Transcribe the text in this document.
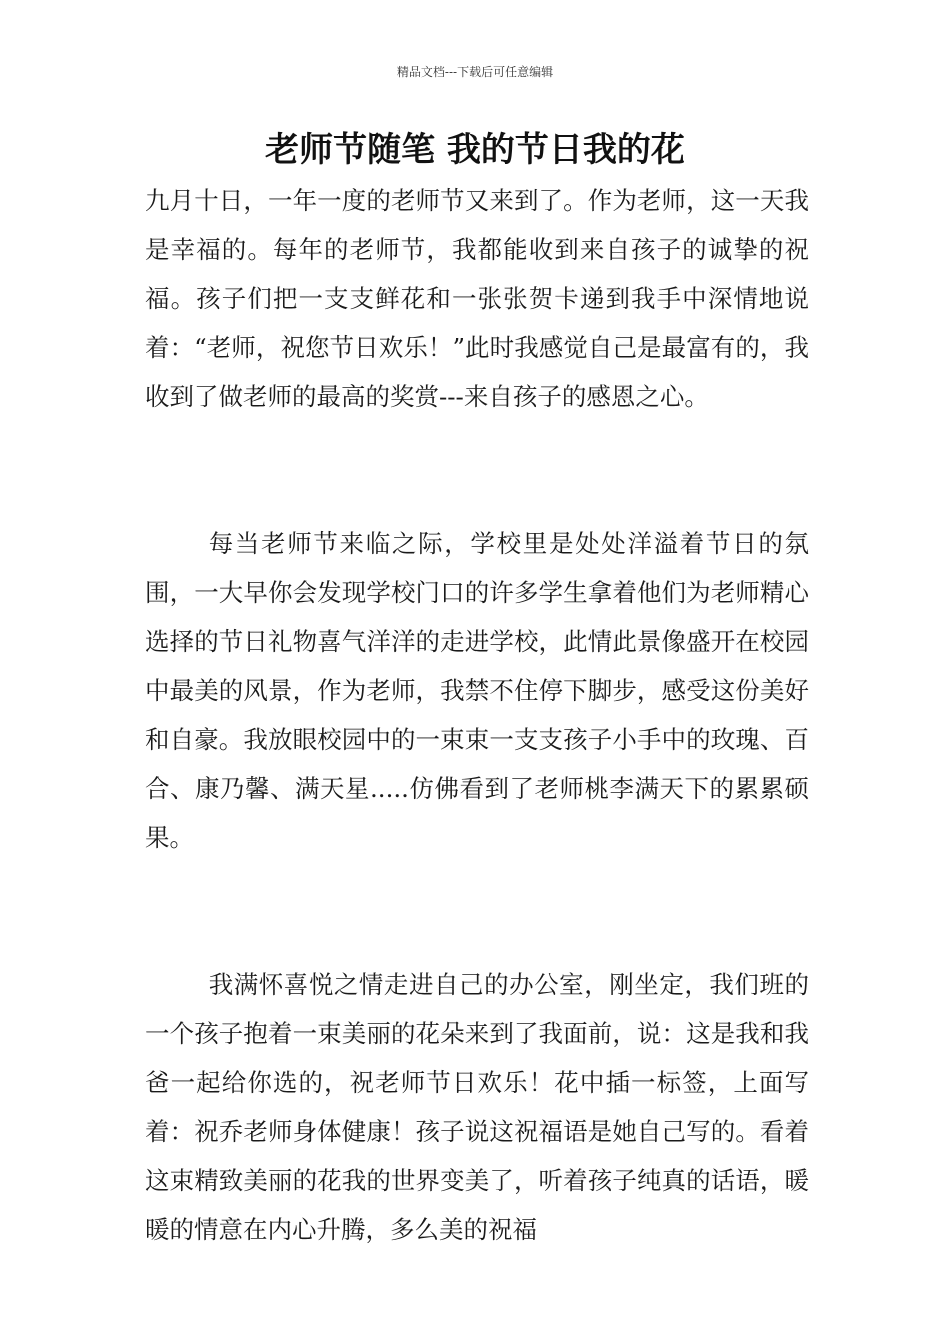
精品文档---下载后可任意编辑
老师节随笔 我的节日我的花

九月十日，一年一度的老师节又来到了。作为老师，这一天我是幸福的。每年的老师节，我都能收到来自孩子的诚挚的祝福。孩子们把一支支鲜花和一张张贺卡递到我手中深情地说着：“老师，祝您节日欢乐！”此时我感觉自己是最富有的，我收到了做老师的最高的奖赏---来自孩子的感恩之心。

每当老师节来临之际，学校里是处处洋溢着节日的氛围，一大早你会发现学校门口的许多学生拿着他们为老师精心选择的节日礼物喜气洋洋的走进学校，此情此景像盛开在校园中最美的风景，作为老师，我禁不住停下脚步，感受这份美好和自豪。我放眼校园中的一束束一支支孩子小手中的玫瑰、百合、康乃馨、满天星.....仿佛看到了老师桃李满天下的累累硕果。

我满怀喜悦之情走进自己的办公室，刚坐定，我们班的一个孩子抱着一束美丽的花朵来到了我面前，说：这是我和我爸一起给你选的，祝老师节日欢乐！花中插一标签，上面写着：祝乔老师身体健康！孩子说这祝福语是她自己写的。看着这束精致美丽的花我的世界变美了，听着孩子纯真的话语，暖暖的情意在内心升腾，多么美的祝福
